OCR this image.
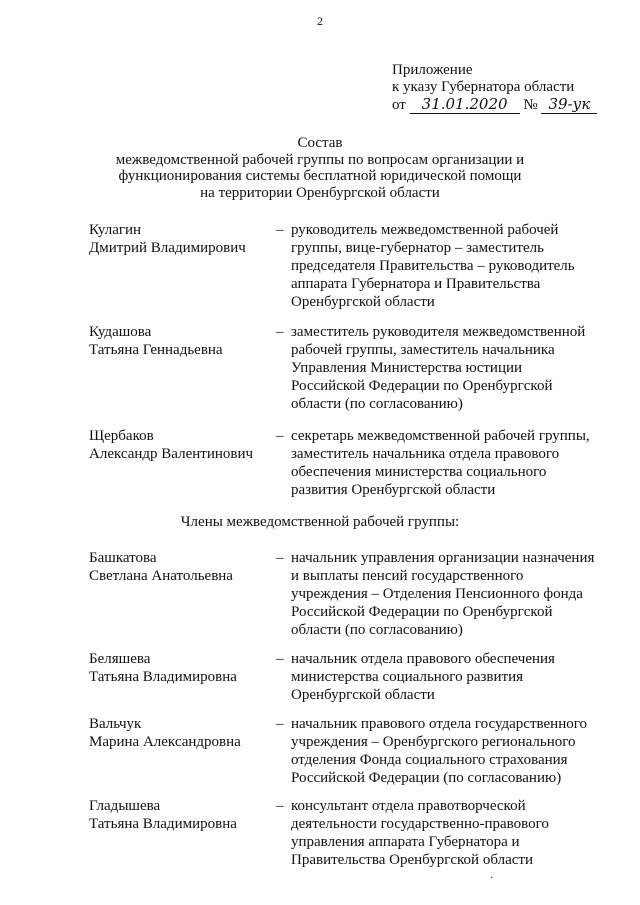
2
Приложение
к указу Губернатора области
от 31.01.2020 № 39-ук
Состав
межведомственной рабочей группы по вопросам организации и
функционирования системы бесплатной юридической помощи
на территории Оренбургской области
Кулагин
Дмитрий Владимирович
– руководитель межведомственной рабочей
группы, вице-губернатор – заместитель
председателя Правительства – руководитель
аппарата Губернатора и Правительства
Оренбургской области
Кудашова
Татьяна Геннадьевна
– заместитель руководителя межведомственной
рабочей группы, заместитель начальника
Управления Министерства юстиции
Российской Федерации по Оренбургской
области (по согласованию)
Щербаков
Александр Валентинович
– секретарь межведомственной рабочей группы,
заместитель начальника отдела правового
обеспечения министерства социального
развития Оренбургской области
Члены межведомственной рабочей группы:
Башкатова
Светлана Анатольевна
– начальник управления организации назначения
и выплаты пенсий государственного
учреждения – Отделения Пенсионного фонда
Российской Федерации по Оренбургской
области (по согласованию)
Беляшева
Татьяна Владимировна
– начальник отдела правового обеспечения
министерства социального развития
Оренбургской области
Вальчук
Марина Александровна
– начальник правового отдела государственного
учреждения – Оренбургского регионального
отделения Фонда социального страхования
Российской Федерации (по согласованию)
Гладышева
Татьяна Владимировна
– консультант отдела правотворческой
деятельности государственно-правового
управления аппарата Губернатора и
Правительства Оренбургской области
·
